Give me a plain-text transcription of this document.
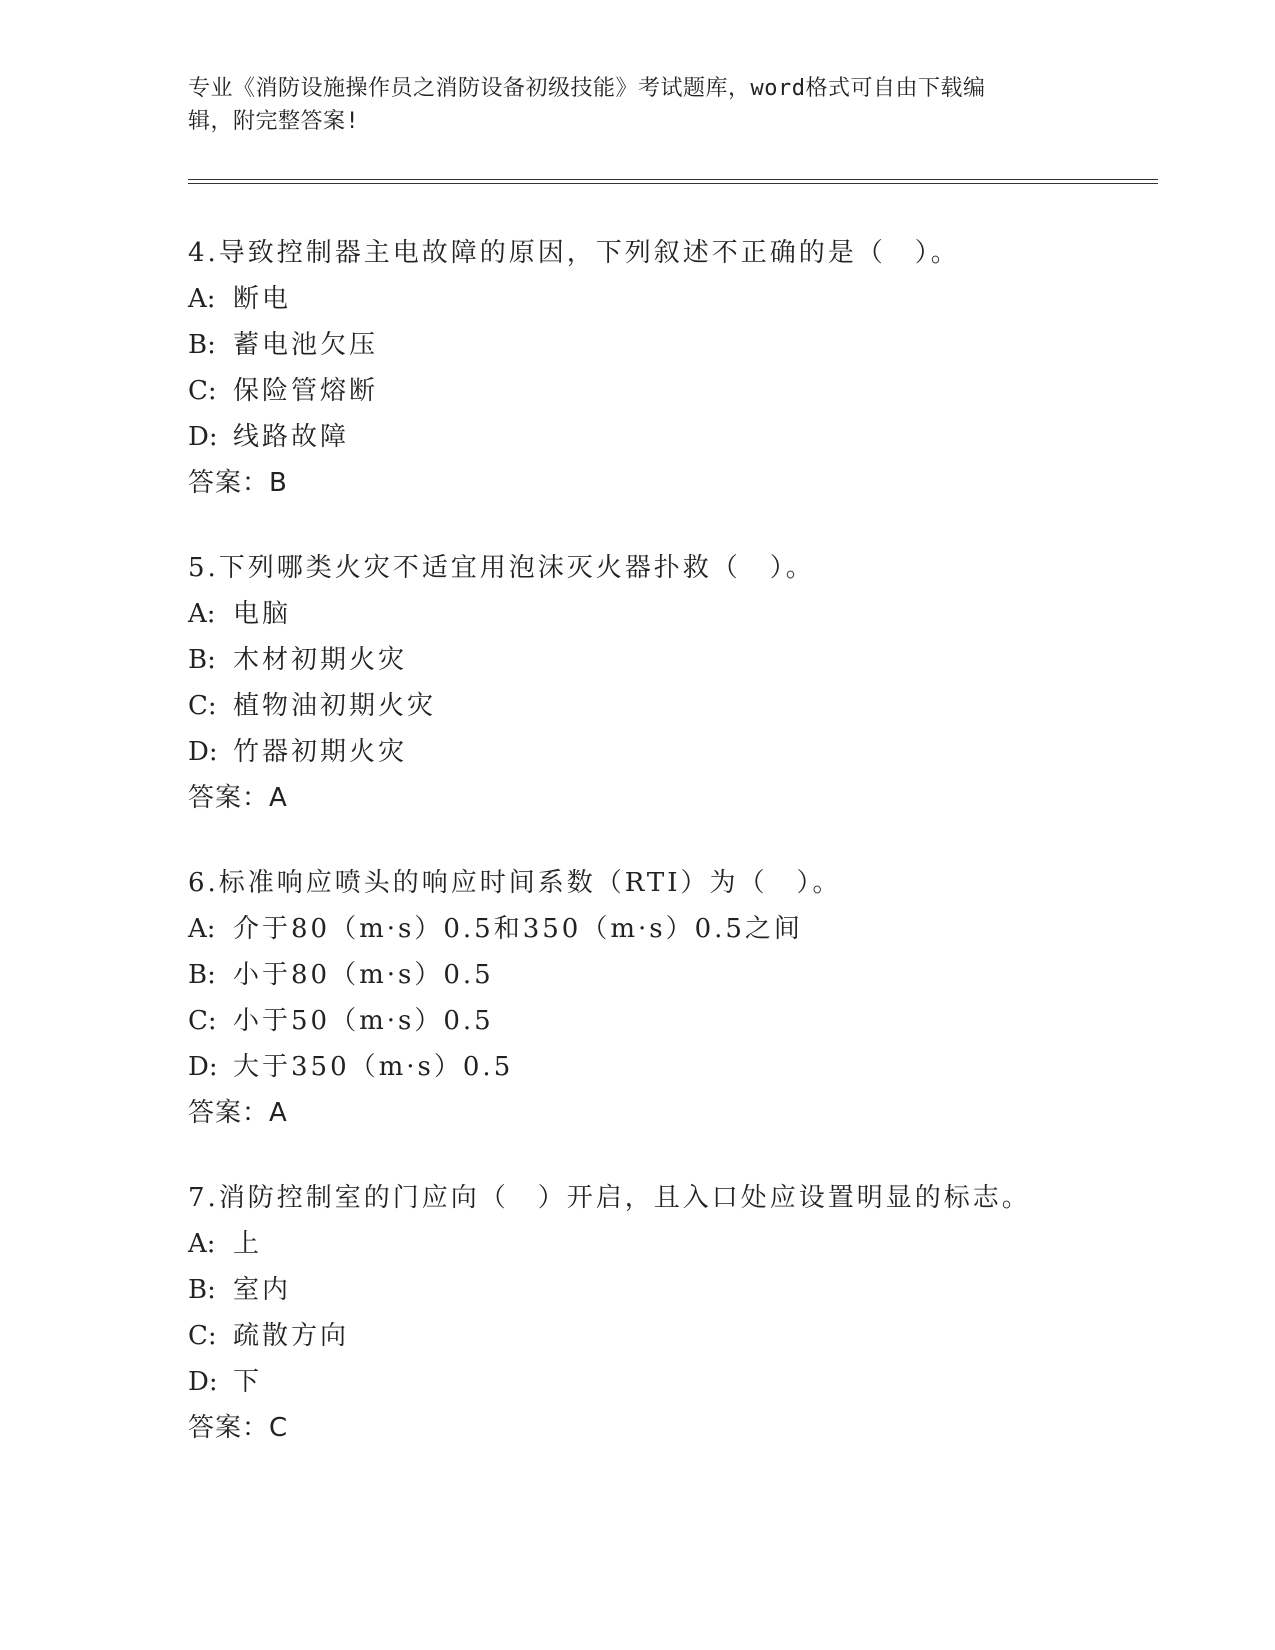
专业《消防设施操作员之消防设备初级技能》考试题库，word格式可自由下载编
辑，附完整答案!
4.导致控制器主电故障的原因，下列叙述不正确的是（　）。
A: 断电
B: 蓄电池欠压
C: 保险管熔断
D: 线路故障
答案：B
5.下列哪类火灾不适宜用泡沫灭火器扑救（　）。
A: 电脑
B: 木材初期火灾
C: 植物油初期火灾
D: 竹器初期火灾
答案：A
6.标准响应喷头的响应时间系数（RTI）为（　）。
A: 介于80（m·s）0.5和350（m·s）0.5之间
B: 小于80（m·s）0.5
C: 小于50（m·s）0.5
D: 大于350（m·s）0.5
答案：A
7.消防控制室的门应向（　）开启，且入口处应设置明显的标志。
A: 上
B: 室内
C: 疏散方向
D: 下
答案：C
